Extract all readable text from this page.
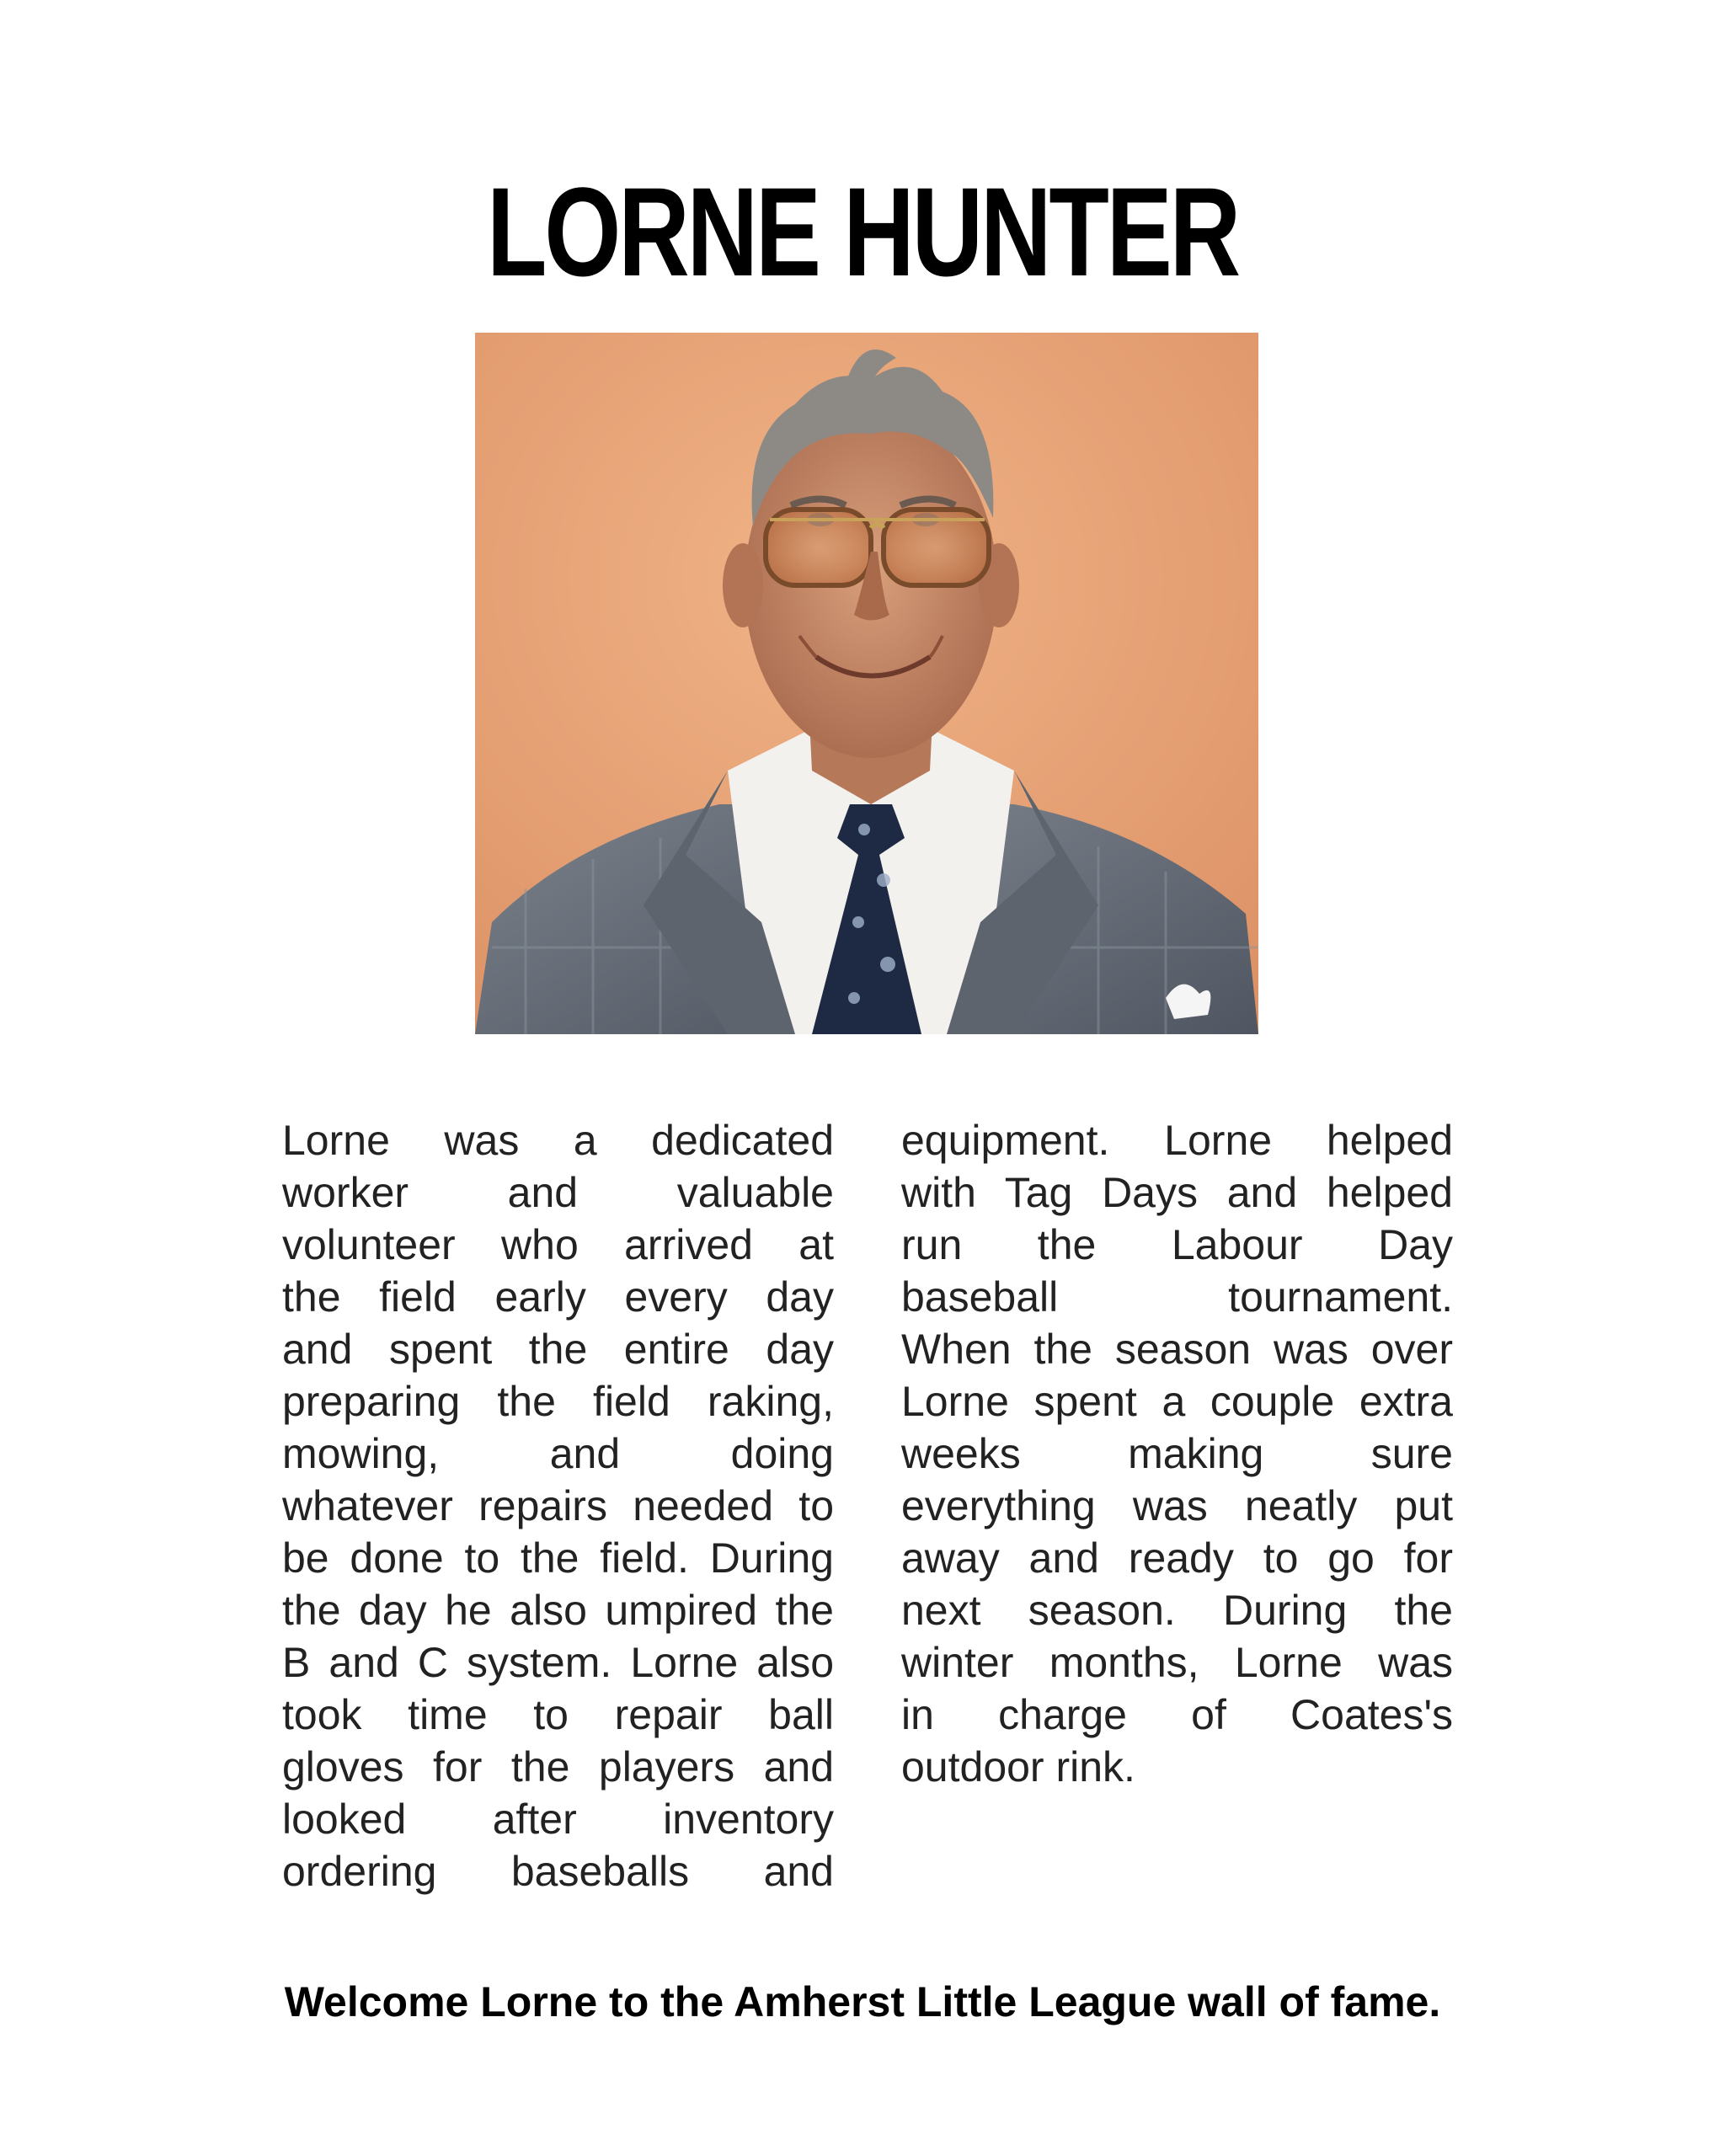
LORNE HUNTER
Lorne was a dedicated
worker and valuable
volunteer who arrived at
the field early every day
and spent the entire day
preparing the field raking,
mowing, and doing
whatever repairs needed to
be done to the field. During
the day he also umpired the
B and C system. Lorne also
took time to repair ball
gloves for the players and
looked after inventory
ordering baseballs and
equipment. Lorne helped
with Tag Days and helped
run the Labour Day
baseball tournament.
When the season was over
Lorne spent a couple extra
weeks making sure
everything was neatly put
away and ready to go for
next season. During the
winter months, Lorne was
in charge of Coates's
outdoor rink.
Welcome Lorne to the Amherst Little League wall of fame.
